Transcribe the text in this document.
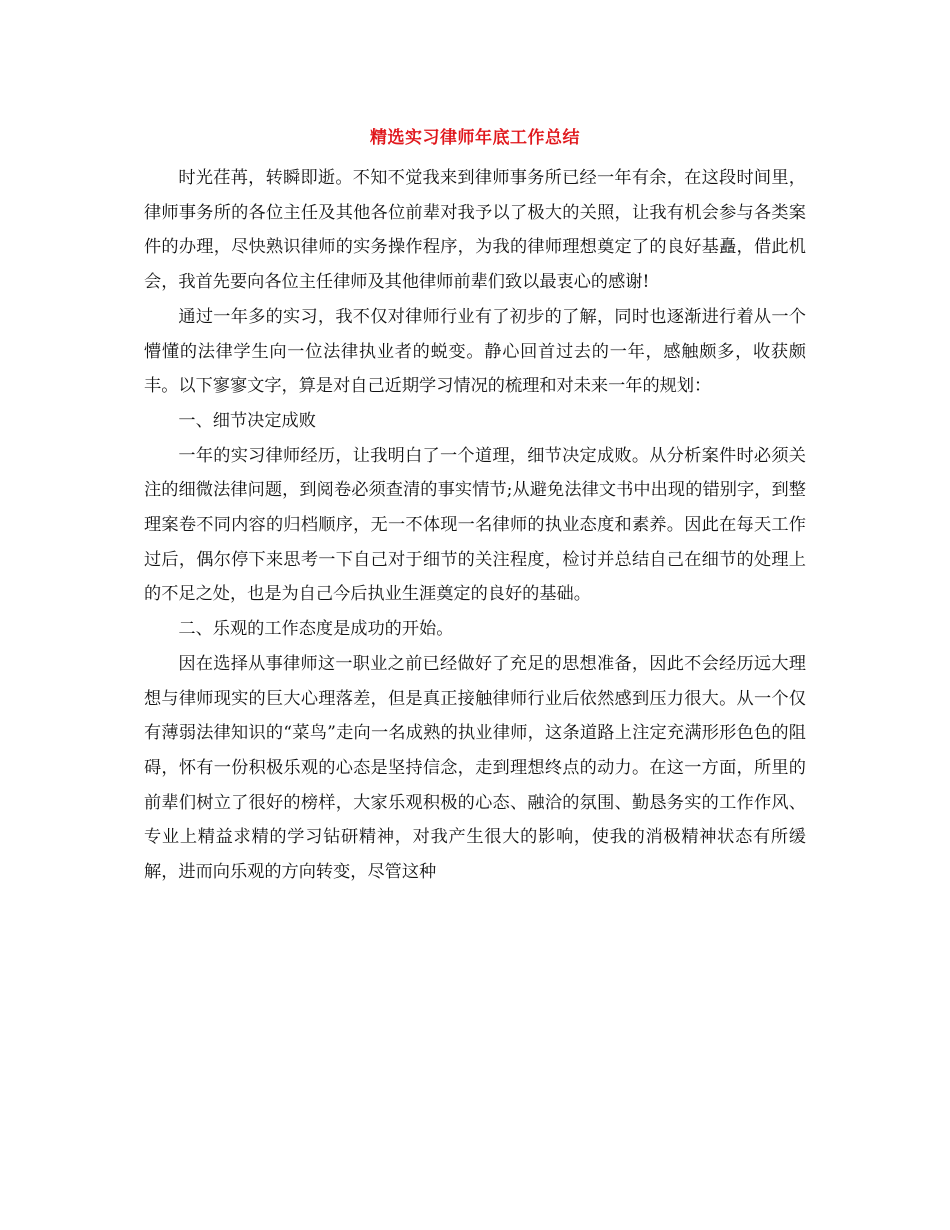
精选实习律师年底工作总结

时光荏苒，转瞬即逝。不知不觉我来到律师事务所已经一年有余，在这段时间里，律师事务所的各位主任及其他各位前辈对我予以了极大的关照，让我有机会参与各类案件的办理，尽快熟识律师的实务操作程序，为我的律师理想奠定了的良好基矗，借此机会，我首先要向各位主任律师及其他律师前辈们致以最衷心的感谢!

通过一年多的实习，我不仅对律师行业有了初步的了解，同时也逐渐进行着从一个懵懂的法律学生向一位法律执业者的蜕变。静心回首过去的一年，感触颇多，收获颇丰。以下寥寥文字，算是对自己近期学习情况的梳理和对未来一年的规划：

一、细节决定成败

一年的实习律师经历，让我明白了一个道理，细节决定成败。从分析案件时必须关注的细微法律问题，到阅卷必须查清的事实情节;从避免法律文书中出现的错别字，到整理案卷不同内容的归档顺序，无一不体现一名律师的执业态度和素养。因此在每天工作过后，偶尔停下来思考一下自己对于细节的关注程度，检讨并总结自己在细节的处理上的不足之处，也是为自己今后执业生涯奠定的良好的基础。

二、乐观的工作态度是成功的开始。

因在选择从事律师这一职业之前已经做好了充足的思想准备，因此不会经历远大理想与律师现实的巨大心理落差，但是真正接触律师行业后依然感到压力很大。从一个仅有薄弱法律知识的“菜鸟”走向一名成熟的执业律师，这条道路上注定充满形形色色的阻碍，怀有一份积极乐观的心态是坚持信念，走到理想终点的动力。在这一方面，所里的前辈们树立了很好的榜样，大家乐观积极的心态、融洽的氛围、勤恳务实的工作作风、专业上精益求精的学习钻研精神，对我产生很大的影响，使我的消极精神状态有所缓解，进而向乐观的方向转变，尽管这种
